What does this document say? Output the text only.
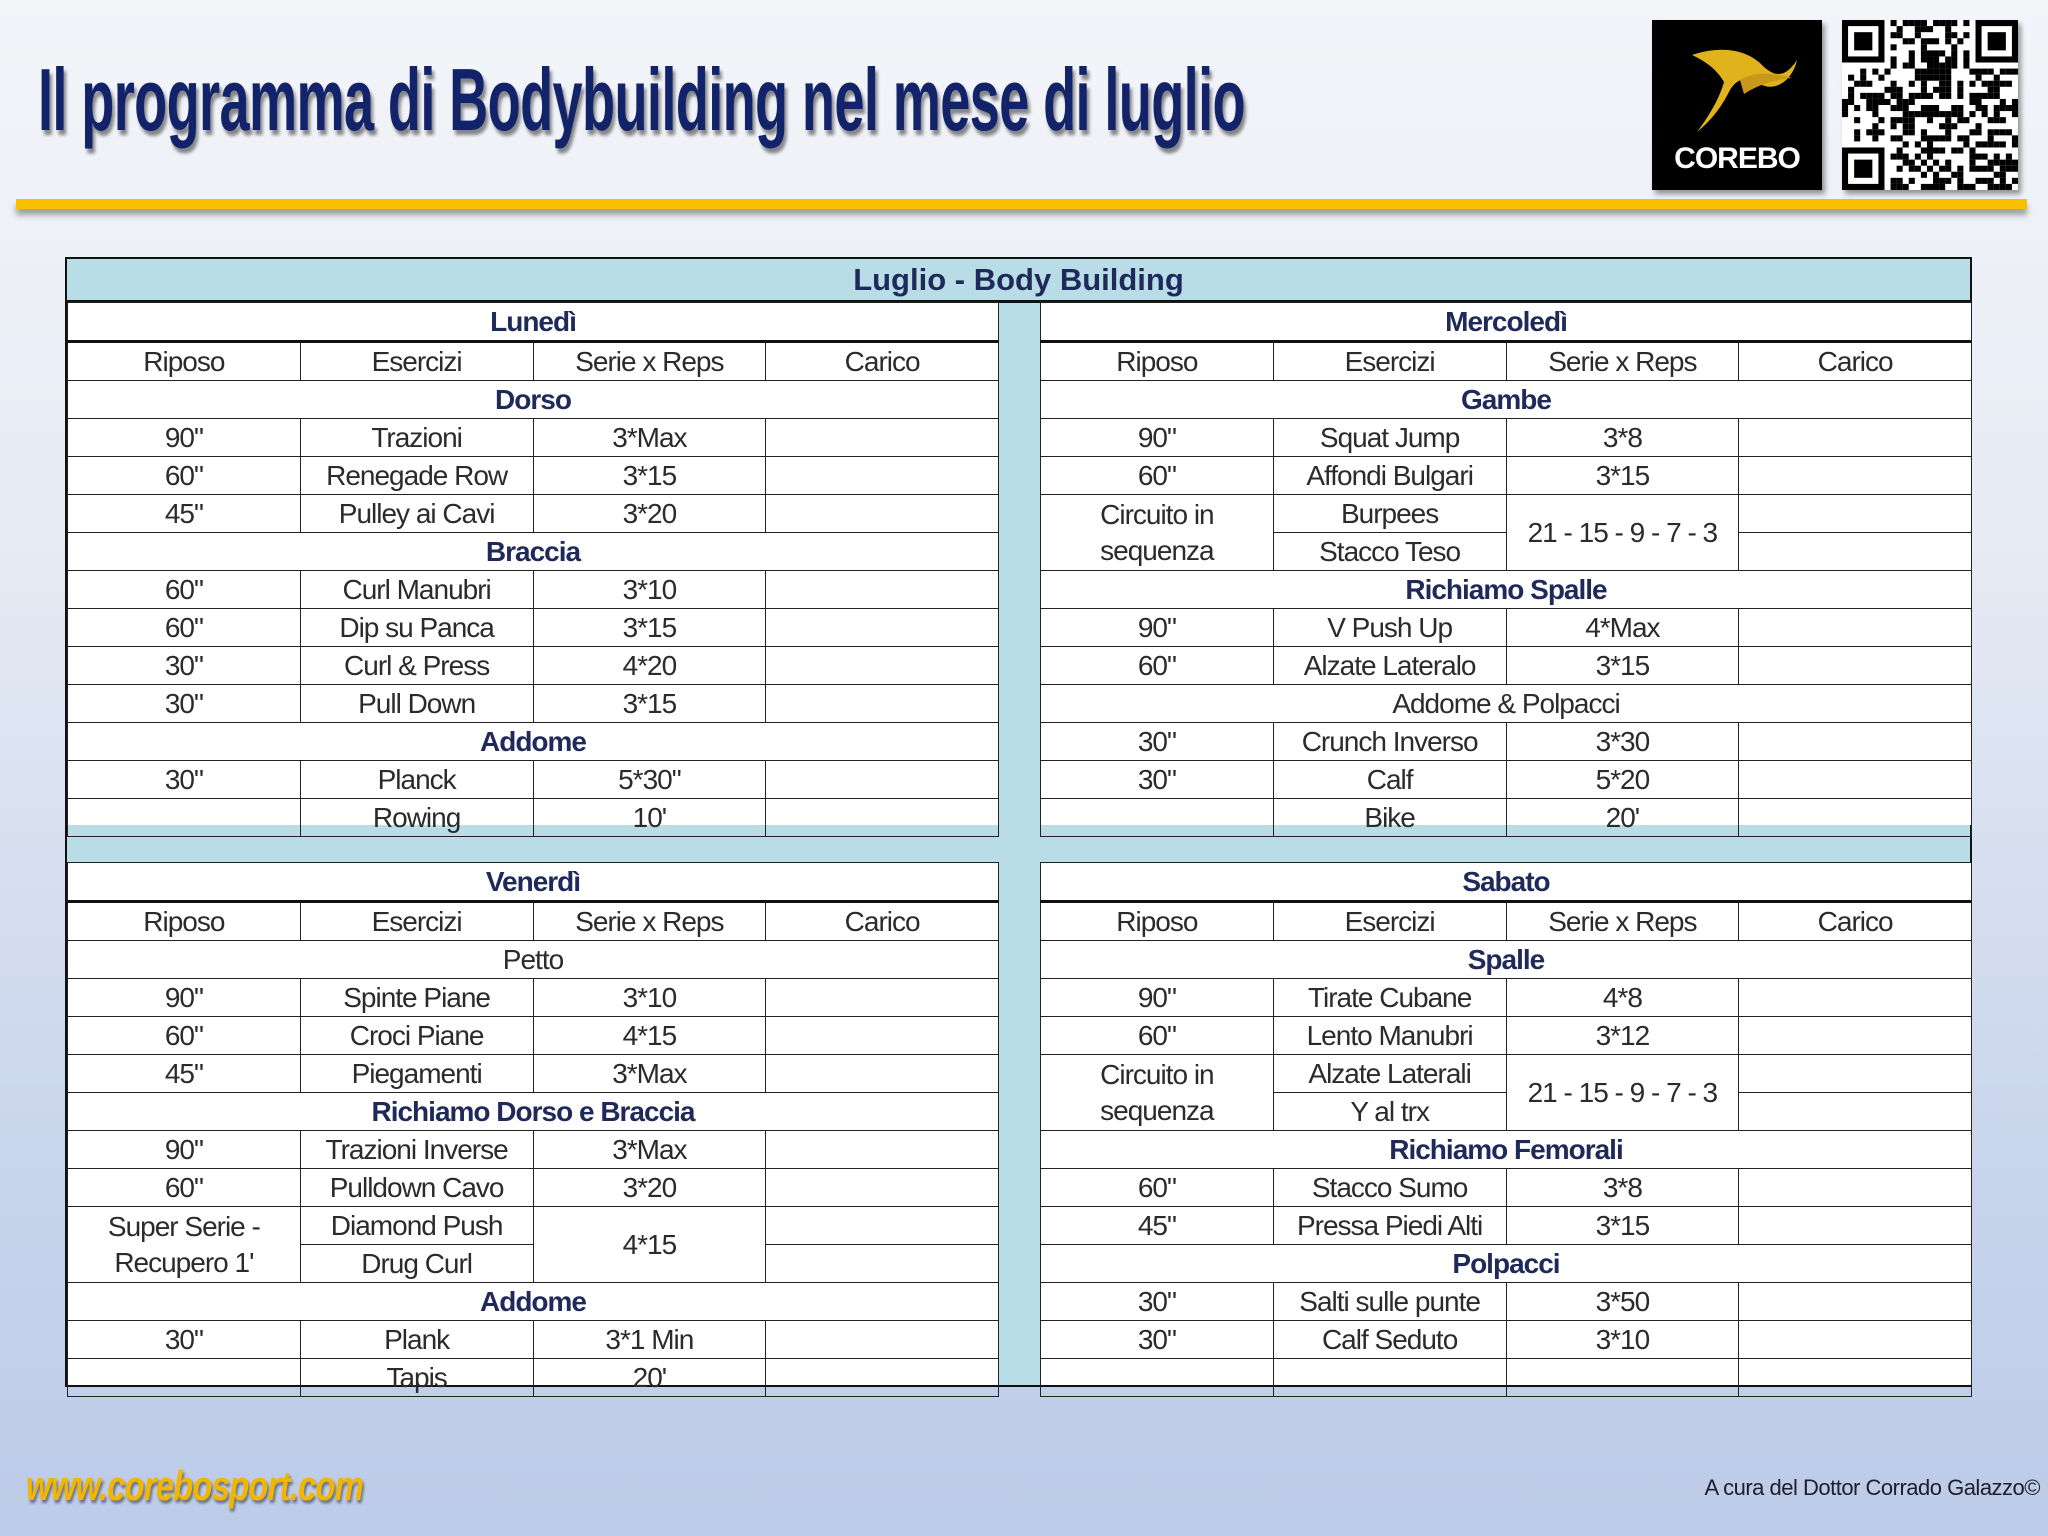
Il programma di Bodybuilding nel mese di luglio
COREBO
Luglio - Body Building
Lunedì			
Riposo	Esercizi	Serie x Reps	Carico
Dorso			
90"	Trazioni	3*Max	
60"	Renegade Row	3*15	
45"	Pulley ai Cavi	3*20	
Braccia			
60"	Curl Manubri	3*10	
60"	Dip su Panca	3*15	
30"	Curl & Press	4*20	
30"	Pull Down	3*15	
Addome			
30"	Planck	5*30"	
	Rowing	10'	
Mercoledì			
Riposo	Esercizi	Serie x Reps	Carico
Gambe			
90"	Squat Jump	3*8	
60"	Affondi Bulgari	3*15	
Circuito in sequenza	Burpees	21 - 15 - 9 - 7 - 3	
	Stacco Teso		
Richiamo Spalle			
90"	V Push Up	4*Max	
60"	Alzate Lateralo	3*15	
Addome & Polpacci			
30"	Crunch Inverso	3*30	
30"	Calf	5*20	
	Bike	20'	
Venerdì			
Riposo	Esercizi	Serie x Reps	Carico
Petto			
90"	Spinte Piane	3*10	
60"	Croci Piane	4*15	
45"	Piegamenti	3*Max	
Richiamo Dorso e Braccia			
90"	Trazioni Inverse	3*Max	
60"	Pulldown Cavo	3*20	
Super Serie - Recupero 1'	Diamond Push	4*15	
	Drug Curl		
Addome			
30"	Plank	3*1 Min	
	Tapis	20'	
Sabato			
Riposo	Esercizi	Serie x Reps	Carico
Spalle			
90"	Tirate Cubane	4*8	
60"	Lento Manubri	3*12	
Circuito in sequenza	Alzate Laterali	21 - 15 - 9 - 7 - 3	
	Y al trx		
Richiamo Femorali			
60"	Stacco Sumo	3*8	
45"	Pressa Piedi Alti	3*15	
Polpacci			
30"	Salti sulle punte	3*50	
30"	Calf Seduto	3*10	

www.corebosport.com	A cura del Dottor Corrado Galazzo©
